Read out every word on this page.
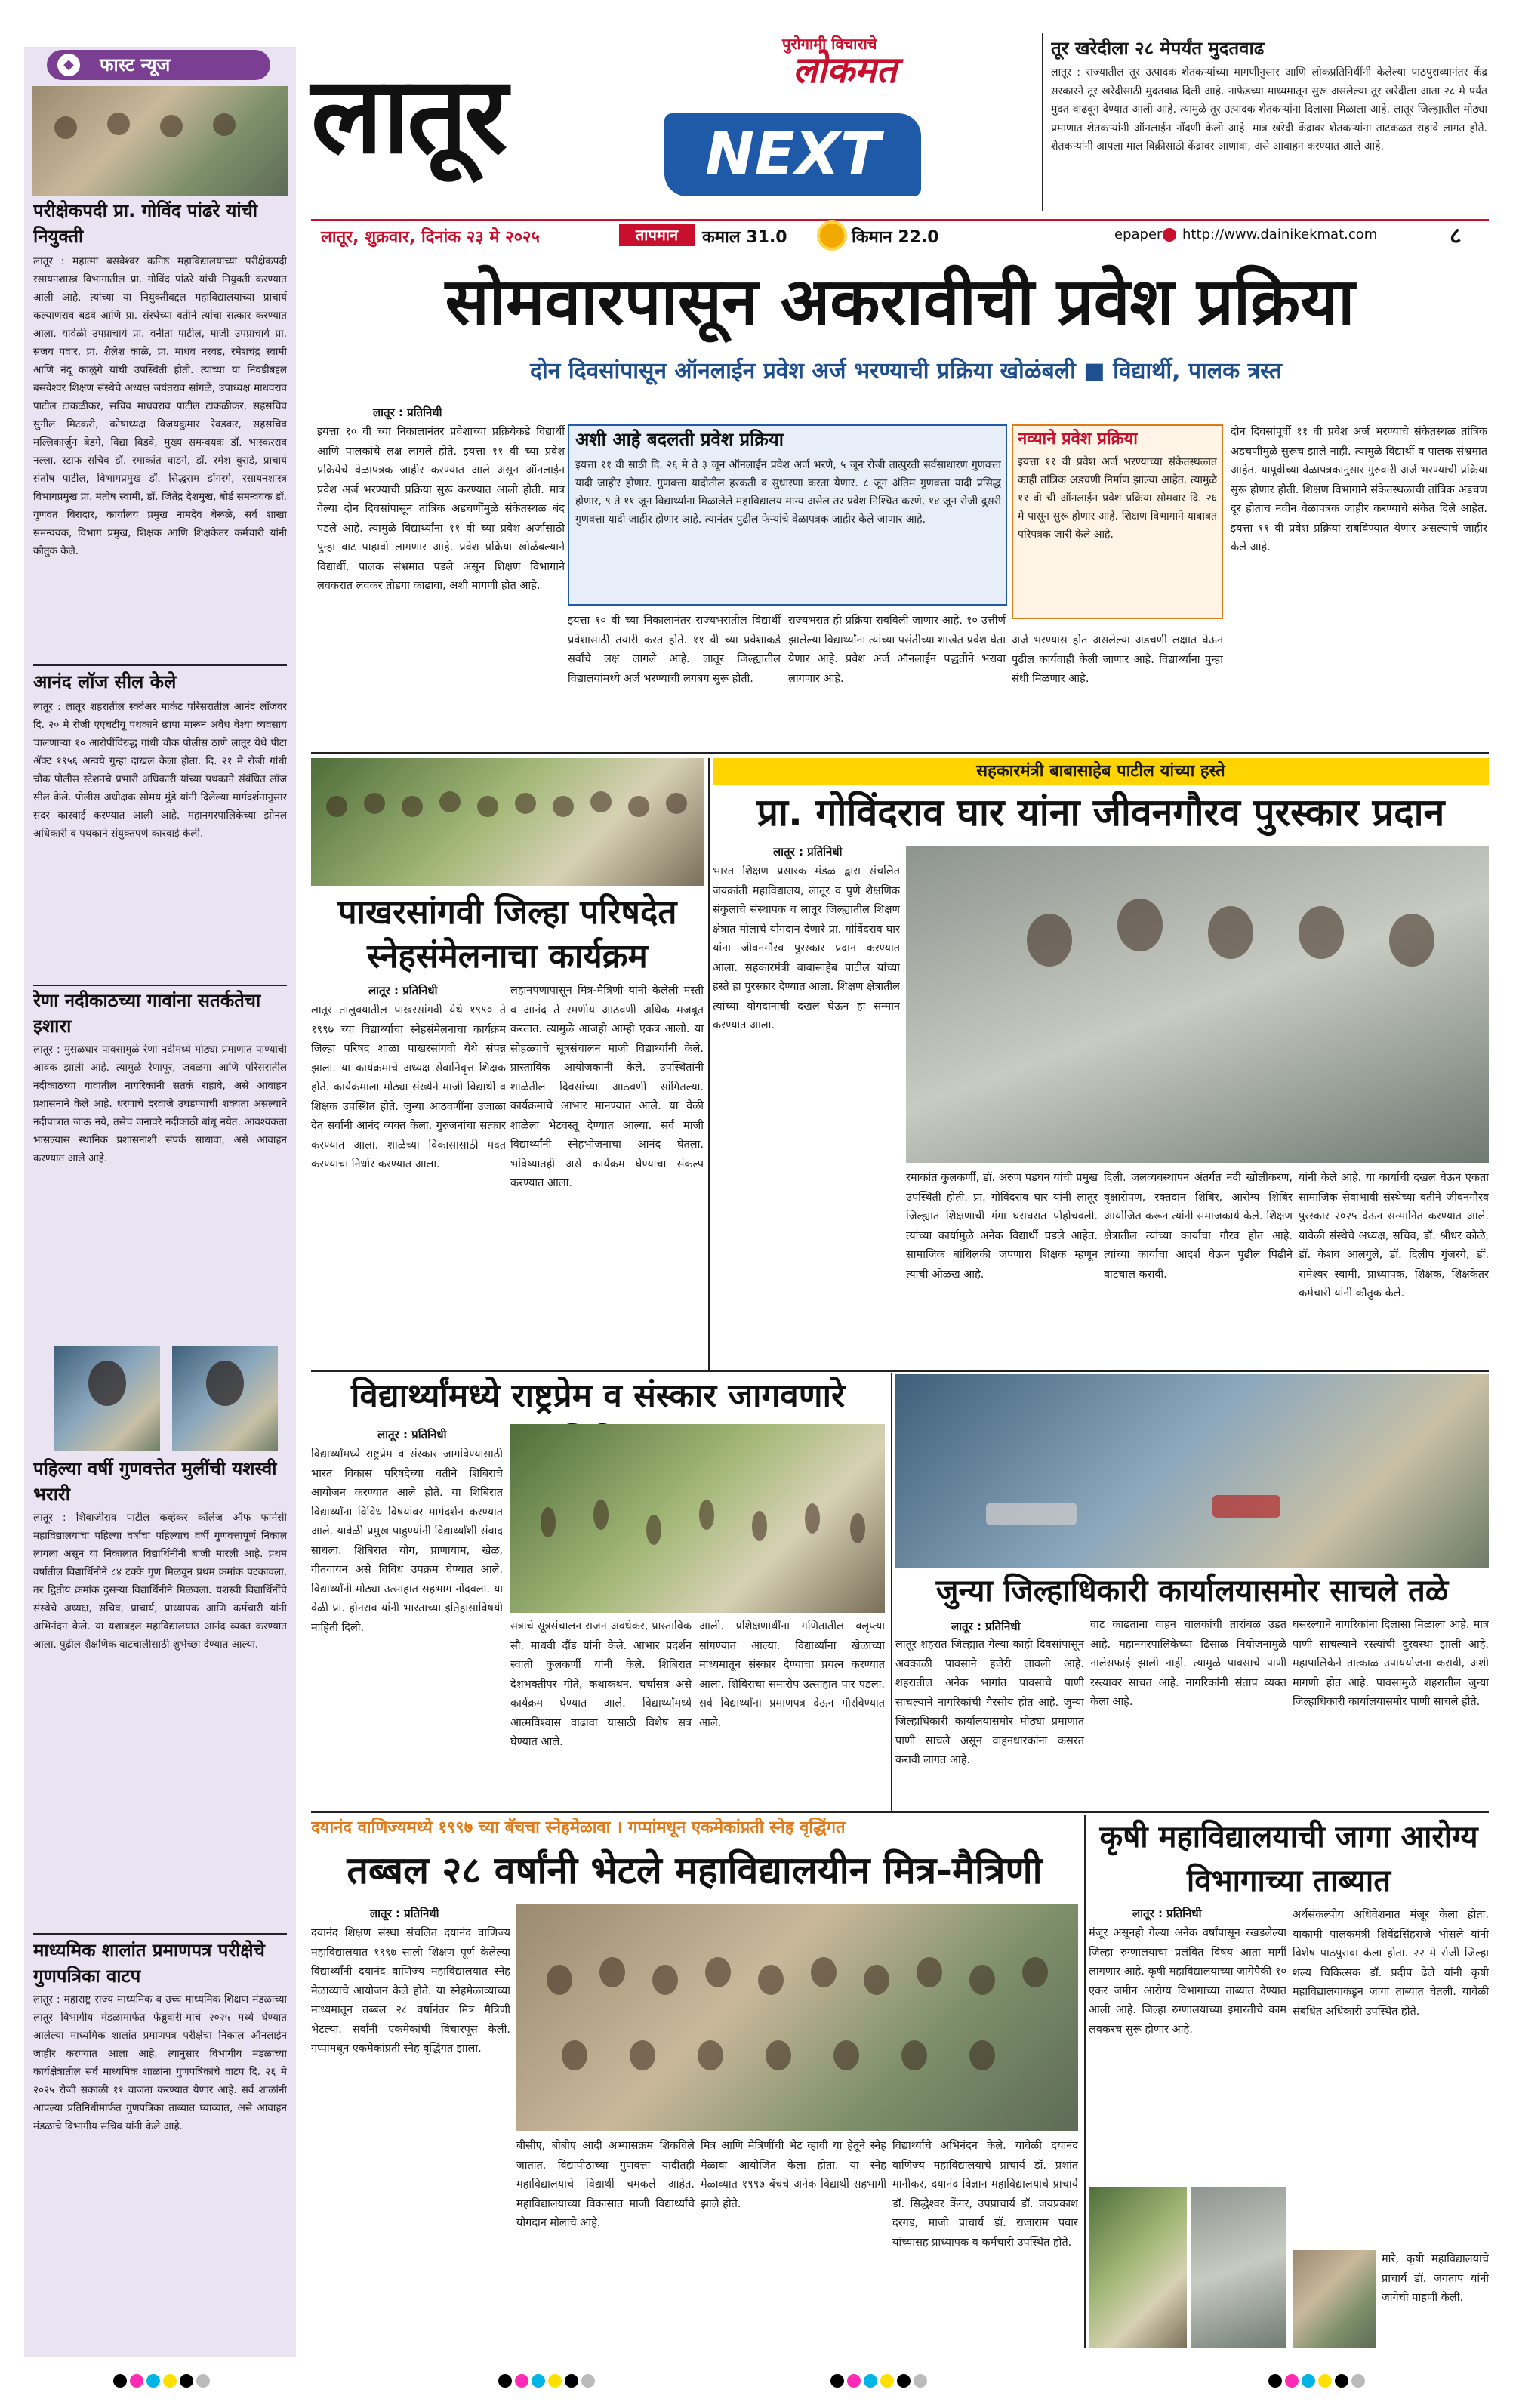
◆	फास्ट न्यूज
परीक्षेकपदी प्रा. गोविंद पांढरे यांची नियुक्ती
लातूर : महात्मा बसवेश्वर कनिष्ठ महाविद्यालयाच्या परीक्षेकपदी रसायनशास्त्र विभागातील प्रा. गोविंद पांढरे यांची नियुक्ती करण्यात आली आहे. त्यांच्या या नियुक्तीबद्दल महाविद्यालयाच्या प्राचार्य कल्याणराव बडवे आणि प्रा. संस्थेच्या वतीने त्यांचा सत्कार करण्यात आला. यावेळी उपप्राचार्य प्रा. वनीता पाटील, माजी उपप्राचार्य प्रा. संजय पवार, प्रा. शैलेश काळे, प्रा. माधव नरवड, रमेशचंद्र स्वामी आणि नंदू काळुंगे यांची उपस्थिती होती. त्यांच्या या निवडीबद्दल बसवेश्वर शिक्षण संस्थेचे अध्यक्ष जयंतराव सांगळे, उपाध्यक्ष माधवराव पाटील टाकळीकर, सचिव माधवराव पाटील टाकळीकर, सहसचिव सुनील मिटकरी, कोषाध्यक्ष विजयकुमार रेवडकर, सहसचिव मल्लिकार्जुन बेडगे, विद्या बिडवे, मुख्य समन्वयक डॉ. भास्करराव नल्ला, स्टाफ सचिव डॉ. रमाकांत घाडगे, डॉ. रमेश बुराडे, प्राचार्य संतोष पाटील, विभागप्रमुख डॉ. सिद्धराम डोंगरगे, रसायनशास्त्र विभागप्रमुख प्रा. मंतोष स्वामी, डॉ. जितेंद्र देशमुख, बोर्ड समन्वयक डॉ. गुणवंत बिरादार, कार्यालय प्रमुख नामदेव बेरूळे, सर्व शाखा समन्वयक, विभाग प्रमुख, शिक्षक आणि शिक्षकेतर कर्मचारी यांनी कौतुक केले.
आनंद लॉज सील केले
लातूर : लातूर शहरातील स्क्वेअर मार्केट परिसरातील आनंद लॉजवर दि. २० मे रोजी एएचटीयू पथकाने छापा मारून अवैध वेश्या व्यवसाय चालणाऱ्या १० आरोपींविरुद्ध गांधी चौक पोलीस ठाणे लातूर येथे पीटा ॲक्ट १९५६ अन्वये गुन्हा दाखल केला होता. दि. २१ मे रोजी गांधी चौक पोलीस स्टेशनचे प्रभारी अधिकारी यांच्या पथकाने संबंधित लॉज सील केले. पोलीस अधीक्षक सोमय मुंडे यांनी दिलेल्या मार्गदर्शनानुसार सदर कारवाई करण्यात आली आहे. महानगरपालिकेच्या झोनल अधिकारी व पथकाने संयुक्तपणे कारवाई केली.
रेणा नदीकाठच्या गावांना सतर्कतेचा इशारा
लातूर : मुसळधार पावसामुळे रेणा नदीमध्ये मोठ्या प्रमाणात पाण्याची आवक झाली आहे. त्यामुळे रेणापूर, जवळगा आणि परिसरातील नदीकाठच्या गावांतील नागरिकांनी सतर्क राहावे, असे आवाहन प्रशासनाने केले आहे. धरणाचे दरवाजे उघडण्याची शक्यता असल्याने नदीपात्रात जाऊ नये, तसेच जनावरे नदीकाठी बांधू नयेत. आवश्यकता भासल्यास स्थानिक प्रशासनाशी संपर्क साधावा, असे आवाहन करण्यात आले आहे.
पहिल्या वर्षी गुणवत्तेत मुलींची यशस्वी भरारी
लातूर : शिवाजीराव पाटील कव्हेकर कॉलेज ऑफ फार्मसी महाविद्यालयाचा पहिल्या वर्षाचा पहिल्याच वर्षी गुणवत्तापूर्ण निकाल लागला असून या निकालात विद्यार्थिनींनी बाजी मारली आहे. प्रथम वर्षातील विद्यार्थिनीने ८४ टक्के गुण मिळवून प्रथम क्रमांक पटकावला, तर द्वितीय क्रमांक दुसऱ्या विद्यार्थिनीने मिळवला. यशस्वी विद्यार्थिनींचे संस्थेचे अध्यक्ष, सचिव, प्राचार्य, प्राध्यापक आणि कर्मचारी यांनी अभिनंदन केले. या यशाबद्दल महाविद्यालयात आनंद व्यक्त करण्यात आला. पुढील शैक्षणिक वाटचालीसाठी शुभेच्छा देण्यात आल्या.
माध्यमिक शालांत प्रमाणपत्र परीक्षेचे गुणपत्रिका वाटप
लातूर : महाराष्ट्र राज्य माध्यमिक व उच्च माध्यमिक शिक्षण मंडळाच्या लातूर विभागीय मंडळामार्फत फेब्रुवारी-मार्च २०२५ मध्ये घेण्यात आलेल्या माध्यमिक शालांत प्रमाणपत्र परीक्षेचा निकाल ऑनलाईन जाहीर करण्यात आला आहे. त्यानुसार विभागीय मंडळाच्या कार्यक्षेत्रातील सर्व माध्यमिक शाळांना गुणपत्रिकांचे वाटप दि. २६ मे २०२५ रोजी सकाळी ११ वाजता करण्यात येणार आहे. सर्व शाळांनी आपल्या प्रतिनिधीमार्फत गुणपत्रिका ताब्यात घ्याव्यात, असे आवाहन मंडळाचे विभागीय सचिव यांनी केले आहे.
पुरोगामी विचाराचे
लोकमत
लातूर	NEXT
लातूर, शुक्रवार, दिनांक २३ मे २०२५	तापमान	कमाल 31.0	किमान 22.0	epaper http://www.dainikekmat.com	८
तूर खरेदीला २८ मेपर्यंत मुदतवाढ
लातूर : राज्यातील तूर उत्पादक शेतकऱ्यांच्या मागणीनुसार आणि लोकप्रतिनिधींनी केलेल्या पाठपुराव्यानंतर केंद्र सरकारने तूर खरेदीसाठी मुदतवाढ दिली आहे. नाफेडच्या माध्यमातून सुरू असलेल्या तूर खरेदीला आता २८ मे पर्यंत मुदत वाढवून देण्यात आली आहे. त्यामुळे तूर उत्पादक शेतकऱ्यांना दिलासा मिळाला आहे. लातूर जिल्ह्यातील मोठ्या प्रमाणात शेतकऱ्यांनी ऑनलाईन नोंदणी केली आहे. मात्र खरेदी केंद्रावर शेतकऱ्यांना ताटकळत राहावे लागत होते. शेतकऱ्यांनी आपला माल विक्रीसाठी केंद्रावर आणावा, असे आवाहन करण्यात आले आहे.
सोमवारपासून अकरावीची प्रवेश प्रक्रिया
दोन दिवसांपासून ऑनलाईन प्रवेश अर्ज भरण्याची प्रक्रिया खोळंबली ■ विद्यार्थी, पालक त्रस्त
लातूर : प्रतिनिधी
इयत्ता १० वी च्या निकालानंतर प्रवेशाच्या प्रक्रियेकडे विद्यार्थी आणि पालकांचे लक्ष लागले होते. इयत्ता ११ वी च्या प्रवेश प्रक्रियेचे वेळापत्रक जाहीर करण्यात आले असून ऑनलाईन प्रवेश अर्ज भरण्याची प्रक्रिया सुरू करण्यात आली होती. मात्र गेल्या दोन दिवसांपासून तांत्रिक अडचणींमुळे संकेतस्थळ बंद पडले आहे. त्यामुळे विद्यार्थ्यांना ११ वी च्या प्रवेश अर्जासाठी पुन्हा वाट पाहावी लागणार आहे. प्रवेश प्रक्रिया खोळंबल्याने विद्यार्थी, पालक संभ्रमात पडले असून शिक्षण विभागाने लवकरात लवकर तोडगा काढावा, अशी मागणी होत आहे.
अशी आहे बदलती प्रवेश प्रक्रिया
इयत्ता ११ वी साठी दि. २६ मे ते ३ जून ऑनलाईन प्रवेश अर्ज भरणे, ५ जून रोजी तात्पुरती सर्वसाधारण गुणवत्ता यादी जाहीर होणार. गुणवत्ता यादीतील हरकती व सुधारणा करता येणार. ८ जून अंतिम गुणवत्ता यादी प्रसिद्ध होणार, ९ ते ११ जून विद्यार्थ्यांना मिळालेले महाविद्यालय मान्य असेल तर प्रवेश निश्चित करणे, १४ जून रोजी दुसरी गुणवत्ता यादी जाहीर होणार आहे. त्यानंतर पुढील फेऱ्यांचे वेळापत्रक जाहीर केले जाणार आहे.
नव्याने प्रवेश प्रक्रिया
इयत्ता ११ वी प्रवेश अर्ज भरण्याच्या संकेतस्थळात काही तांत्रिक अडचणी निर्माण झाल्या आहेत. त्यामुळे ११ वी ची ऑनलाईन प्रवेश प्रक्रिया सोमवार दि. २६ मे पासून सुरू होणार आहे. शिक्षण विभागाने याबाबत परिपत्रक जारी केले आहे.
इयत्ता १० वी च्या निकालानंतर राज्यभरातील विद्यार्थी प्रवेशासाठी तयारी करत होते. ११ वी च्या प्रवेशाकडे सर्वांचे लक्ष लागले आहे. लातूर जिल्ह्यातील विद्यालयांमध्ये अर्ज भरण्याची लगबग सुरू होती.
राज्यभरात ही प्रक्रिया राबविली जाणार आहे. १० उत्तीर्ण झालेल्या विद्यार्थ्यांना त्यांच्या पसंतीच्या शाखेत प्रवेश घेता येणार आहे. प्रवेश अर्ज ऑनलाईन पद्धतीने भरावा लागणार आहे.
अर्ज भरण्यास होत असलेल्या अडचणी लक्षात घेऊन पुढील कार्यवाही केली जाणार आहे. विद्यार्थ्यांना पुन्हा संधी मिळणार आहे.
दोन दिवसांपूर्वी ११ वी प्रवेश अर्ज भरण्याचे संकेतस्थळ तांत्रिक अडचणीमुळे सुरूच झाले नाही. त्यामुळे विद्यार्थी व पालक संभ्रमात आहेत. यापूर्वीच्या वेळापत्रकानुसार गुरुवारी अर्ज भरण्याची प्रक्रिया सुरू होणार होती. शिक्षण विभागाने संकेतस्थळाची तांत्रिक अडचण दूर होताच नवीन वेळापत्रक जाहीर करण्याचे संकेत दिले आहेत. इयत्ता ११ वी प्रवेश प्रक्रिया राबविण्यात येणार असल्याचे जाहीर केले आहे.
पाखरसांगवी जिल्हा परिषदेत स्नेहसंमेलनाचा कार्यक्रम
लातूर : प्रतिनिधी
लातूर तालुक्यातील पाखरसांगवी येथे १९९० ते १९९७ च्या विद्यार्थ्यांचा स्नेहसंमेलनाचा कार्यक्रम जिल्हा परिषद शाळा पाखरसांगवी येथे संपन्न झाला. या कार्यक्रमाचे अध्यक्ष सेवानिवृत्त शिक्षक होते. कार्यक्रमाला मोठ्या संख्येने माजी विद्यार्थी व शिक्षक उपस्थित होते. जुन्या आठवणींना उजाळा देत सर्वांनी आनंद व्यक्त केला. गुरुजनांचा सत्कार करण्यात आला. शाळेच्या विकासासाठी मदत करण्याचा निर्धार करण्यात आला.
लहानपणापासून मित्र-मैत्रिणी यांनी केलेली मस्ती व आनंद ते रमणीय आठवणी अधिक मजबूत करतात. त्यामुळे आजही आम्ही एकत्र आलो. या सोहळ्याचे सूत्रसंचालन माजी विद्यार्थ्यांनी केले. प्रास्ताविक आयोजकांनी केले. उपस्थितांनी शाळेतील दिवसांच्या आठवणी सांगितल्या. कार्यक्रमाचे आभार मानण्यात आले. या वेळी शाळेला भेटवस्तू देण्यात आल्या. सर्व माजी विद्यार्थ्यांनी स्नेहभोजनाचा आनंद घेतला. भविष्यातही असे कार्यक्रम घेण्याचा संकल्प करण्यात आला.
सहकारमंत्री बाबासाहेब पाटील यांच्या हस्ते
प्रा. गोविंदराव घार यांना जीवनगौरव पुरस्कार प्रदान
लातूर : प्रतिनिधी
भारत शिक्षण प्रसारक मंडळ द्वारा संचलित जयक्रांती महाविद्यालय, लातूर व पुणे शैक्षणिक संकुलाचे संस्थापक व लातूर जिल्ह्यातील शिक्षण क्षेत्रात मोलाचे योगदान देणारे प्रा. गोविंदराव घार यांना जीवनगौरव पुरस्कार प्रदान करण्यात आला. सहकारमंत्री बाबासाहेब पाटील यांच्या हस्ते हा पुरस्कार देण्यात आला. शिक्षण क्षेत्रातील त्यांच्या योगदानाची दखल घेऊन हा सन्मान करण्यात आला.
रमाकांत कुलकर्णी, डॉ. अरुण पडघन यांची प्रमुख उपस्थिती होती. प्रा. गोविंदराव घार यांनी लातूर जिल्ह्यात शिक्षणाची गंगा घराघरात पोहोचवली. त्यांच्या कार्यामुळे अनेक विद्यार्थी घडले आहेत. सामाजिक बांधिलकी जपणारा शिक्षक म्हणून त्यांची ओळख आहे.
दिली. जलव्यवस्थापन अंतर्गत नदी खोलीकरण, वृक्षारोपण, रक्तदान शिबिर, आरोग्य शिबिर आयोजित करून त्यांनी समाजकार्य केले. शिक्षण क्षेत्रातील त्यांच्या कार्याचा गौरव होत आहे. त्यांच्या कार्याचा आदर्श घेऊन पुढील पिढीने वाटचाल करावी.
यांनी केले आहे. या कार्याची दखल घेऊन एकता सामाजिक सेवाभावी संस्थेच्या वतीने जीवनगौरव पुरस्कार २०२५ देऊन सन्मानित करण्यात आले. यावेळी संस्थेचे अध्यक्ष, सचिव, डॉ. श्रीधर कोळे, डॉ. केशव आलगुले, डॉ. दिलीप गुंजरगे, डॉ. रामेश्वर स्वामी, प्राध्यापक, शिक्षक, शिक्षकेतर कर्मचारी यांनी कौतुक केले.
विद्यार्थ्यांमध्ये राष्ट्रप्रेम व संस्कार जागवणारे
लातूर : प्रतिनिधी
विद्यार्थ्यांमध्ये राष्ट्रप्रेम व संस्कार जागविण्यासाठी भारत विकास परिषदेच्या वतीने शिबिराचे आयोजन करण्यात आले होते. या शिबिरात विद्यार्थ्यांना विविध विषयांवर मार्गदर्शन करण्यात आले. यावेळी प्रमुख पाहुण्यांनी विद्यार्थ्यांशी संवाद साधला. शिबिरात योग, प्राणायाम, खेळ, गीतगायन असे विविध उपक्रम घेण्यात आले. विद्यार्थ्यांनी मोठ्या उत्साहात सहभाग नोंदवला. या वेळी प्रा. होनराव यांनी भारताच्या इतिहासाविषयी माहिती दिली.	सत्राचे सूत्रसंचालन राजन अवधेकर, प्रास्ताविक सौ. माधवी दौंड यांनी केले. आभार प्रदर्शन स्वाती कुलकर्णी यांनी केले. शिबिरात देशभक्तीपर गीते, कथाकथन, चर्चासत्र असे कार्यक्रम घेण्यात आले. विद्यार्थ्यांमध्ये आत्मविश्वास वाढावा यासाठी विशेष सत्र घेण्यात आले.
आली. प्रशिक्षणार्थींना गणितातील क्लृप्त्या सांगण्यात आल्या. विद्यार्थ्यांना खेळाच्या माध्यमातून संस्कार देण्याचा प्रयत्न करण्यात आला. शिबिराचा समारोप उत्साहात पार पडला. सर्व विद्यार्थ्यांना प्रमाणपत्र देऊन गौरविण्यात आले.
जुन्या जिल्हाधिकारी कार्यालयासमोर साचले तळे
लातूर : प्रतिनिधी
लातूर शहरात जिल्ह्यात गेल्या काही दिवसांपासून अवकाळी पावसाने हजेरी लावली आहे. शहरातील अनेक भागांत पावसाचे पाणी साचल्याने नागरिकांची गैरसोय होत आहे. जुन्या जिल्हाधिकारी कार्यालयासमोर मोठ्या प्रमाणात पाणी साचले असून वाहनधारकांना कसरत करावी लागत आहे.
वाट काढताना वाहन चालकांची तारांबळ उडत आहे. महानगरपालिकेच्या ढिसाळ नियोजनामुळे नालेसफाई झाली नाही. त्यामुळे पावसाचे पाणी रस्त्यावर साचत आहे. नागरिकांनी संताप व्यक्त केला आहे.
घसरल्याने नागरिकांना दिलासा मिळाला आहे. मात्र पाणी साचल्याने रस्त्यांची दुरवस्था झाली आहे. महापालिकेने तात्काळ उपाययोजना करावी, अशी मागणी होत आहे. पावसामुळे शहरातील जुन्या जिल्हाधिकारी कार्यालयासमोर पाणी साचले होते.
दयानंद वाणिज्यमध्ये १९९७ च्या बॅचचा स्नेहमेळावा । गप्पांमधून एकमेकांप्रती स्नेह वृद्धिंगत
तब्बल २८ वर्षांनी भेटले महाविद्यालयीन मित्र-मैत्रिणी
लातूर : प्रतिनिधी
दयानंद शिक्षण संस्था संचलित दयानंद वाणिज्य महाविद्यालयात १९९७ साली शिक्षण पूर्ण केलेल्या विद्यार्थ्यांनी दयानंद वाणिज्य महाविद्यालयात स्नेह मेळाव्याचे आयोजन केले होते. या स्नेहमेळाव्याच्या माध्यमातून तब्बल २८ वर्षानंतर मित्र मैत्रिणी भेटल्या. सर्वांनी एकमेकांची विचारपूस केली. गप्पांमधून एकमेकांप्रती स्नेह वृद्धिंगत झाला.
बीसीए, बीबीए आदी अभ्यासक्रम शिकविले जातात. विद्यापीठाच्या गुणवत्ता यादीतही महाविद्यालयाचे विद्यार्थी चमकले आहेत. महाविद्यालयाच्या विकासात माजी विद्यार्थ्यांचे योगदान मोलाचे आहे.
मित्र आणि मैत्रिणींची भेट व्हावी या हेतूने स्नेह मेळावा आयोजित केला होता. या स्नेह मेळाव्यात १९९७ बॅचचे अनेक विद्यार्थी सहभागी झाले होते.
विद्यार्थ्यांचे अभिनंदन केले. यावेळी दयानंद वाणिज्य महाविद्यालयाचे प्राचार्य डॉ. प्रशांत मानीकर, दयानंद विज्ञान महाविद्यालयाचे प्राचार्य डॉ. सिद्धेश्वर केंगर, उपप्राचार्य डॉ. जयप्रकाश दरगड, माजी प्राचार्य डॉ. राजाराम पवार यांच्यासह प्राध्यापक व कर्मचारी उपस्थित होते.
कृषी महाविद्यालयाची जागा आरोग्य विभागाच्या ताब्यात
लातूर : प्रतिनिधी
मंजूर असूनही गेल्या अनेक वर्षांपासून रखडलेल्या जिल्हा रुग्णालयाचा प्रलंबित विषय आता मार्गी लागणार आहे. कृषी महाविद्यालयाच्या जागेपैकी १० एकर जमीन आरोग्य विभागाच्या ताब्यात देण्यात आली आहे. जिल्हा रुग्णालयाच्या इमारतीचे काम लवकरच सुरू होणार आहे.
अर्थसंकल्पीय अधिवेशनात मंजूर केला होता. याकामी पालकमंत्री शिवेंद्रसिंहराजे भोसले यांनी विशेष पाठपुरावा केला होता. २२ मे रोजी जिल्हा शल्य चिकित्सक डॉ. प्रदीप ढेले यांनी कृषी महाविद्यालयाकडून जागा ताब्यात घेतली. यावेळी संबंधित अधिकारी उपस्थित होते.
मारे, कृषी महाविद्यालयाचे प्राचार्य डॉ. जगताप यांनी जागेची पाहणी केली.
